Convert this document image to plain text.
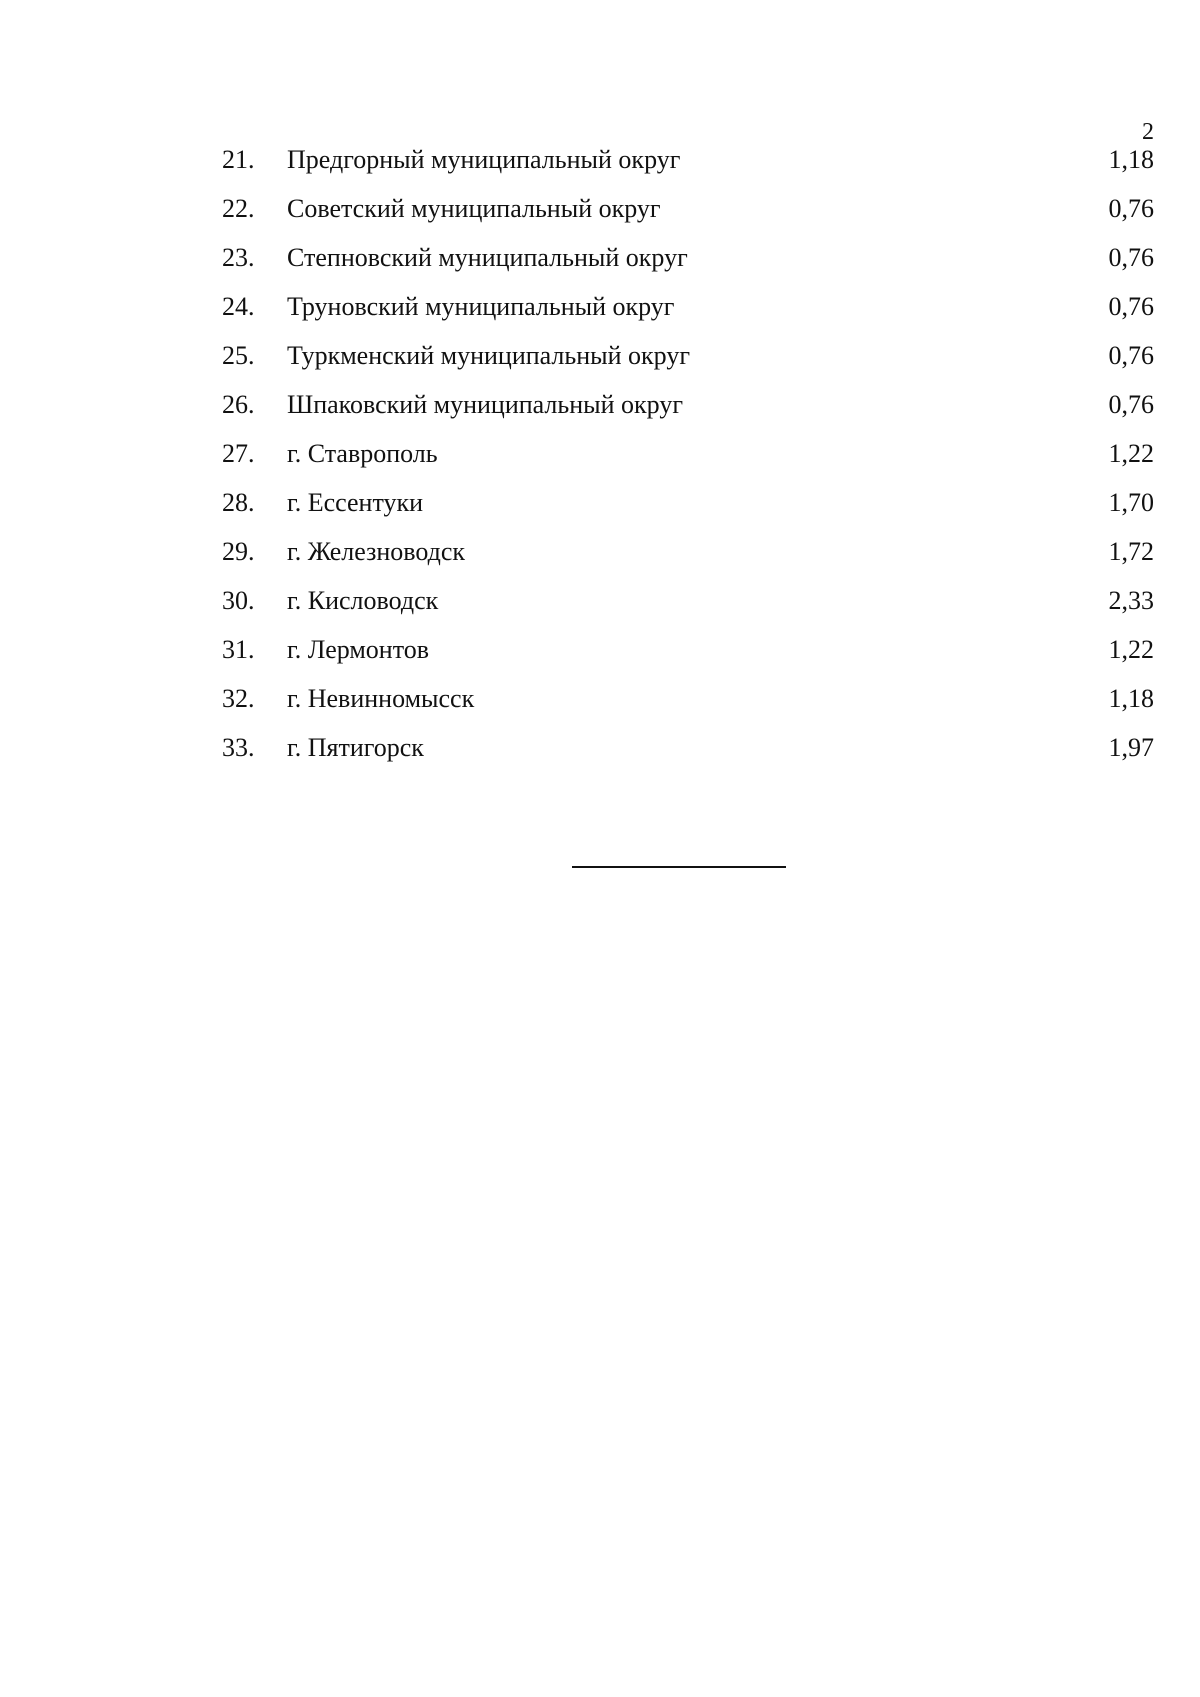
2
21. Предгорный муниципальный округ	1,18
22. Советский муниципальный округ	0,76
23. Степновский муниципальный округ	0,76
24. Труновский муниципальный округ	0,76
25. Туркменский муниципальный округ	0,76
26. Шпаковский муниципальный округ	0,76
27. г. Ставрополь	1,22
28. г. Ессентуки	1,70
29. г. Железноводск	1,72
30. г. Кисловодск	2,33
31. г. Лермонтов	1,22
32. г. Невинномысск	1,18
33. г. Пятигорск	1,97
